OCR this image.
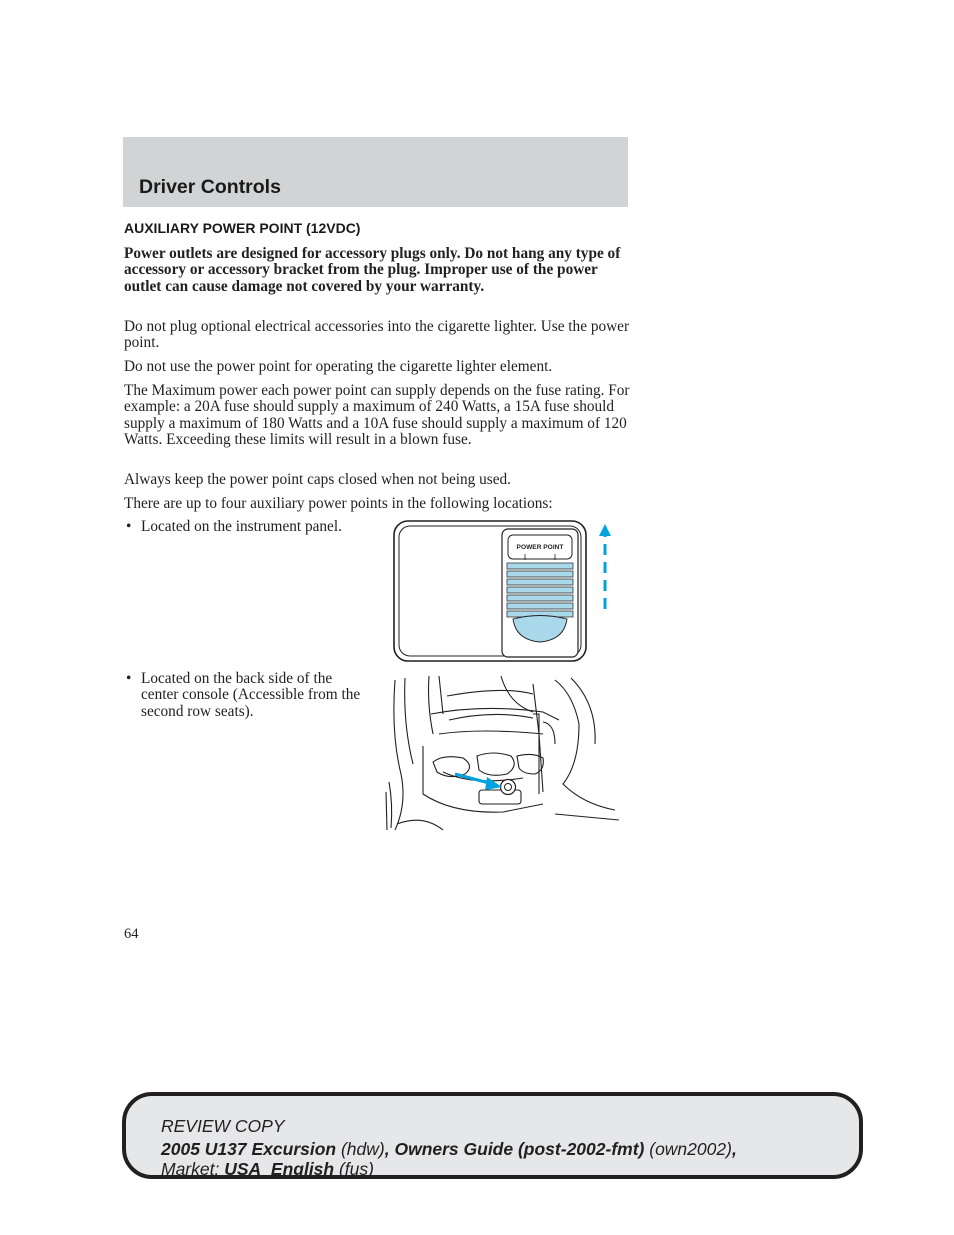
Driver Controls
AUXILIARY POWER POINT (12VDC)

Power outlets are designed for accessory plugs only. Do not hang any type of accessory or accessory bracket from the plug. Improper use of the power outlet can cause damage not covered by your warranty.

Do not plug optional electrical accessories into the cigarette lighter. Use the power point.

Do not use the power point for operating the cigarette lighter element.

The Maximum power each power point can supply depends on the fuse rating. For example: a 20A fuse should supply a maximum of 240 Watts, a 15A fuse should supply a maximum of 180 Watts and a 10A fuse should supply a maximum of 120 Watts. Exceeding these limits will result in a blown fuse.

Always keep the power point caps closed when not being used.

There are up to four auxiliary power points in the following locations:

• Located on the instrument panel.
• Located on the back side of the center console (Accessible from the second row seats).
POWER POINT

64

REVIEW COPY

2005 U137 Excursion (hdw), Owners Guide (post-2002-fmt) (own2002),

Market: USA_English (fus)
